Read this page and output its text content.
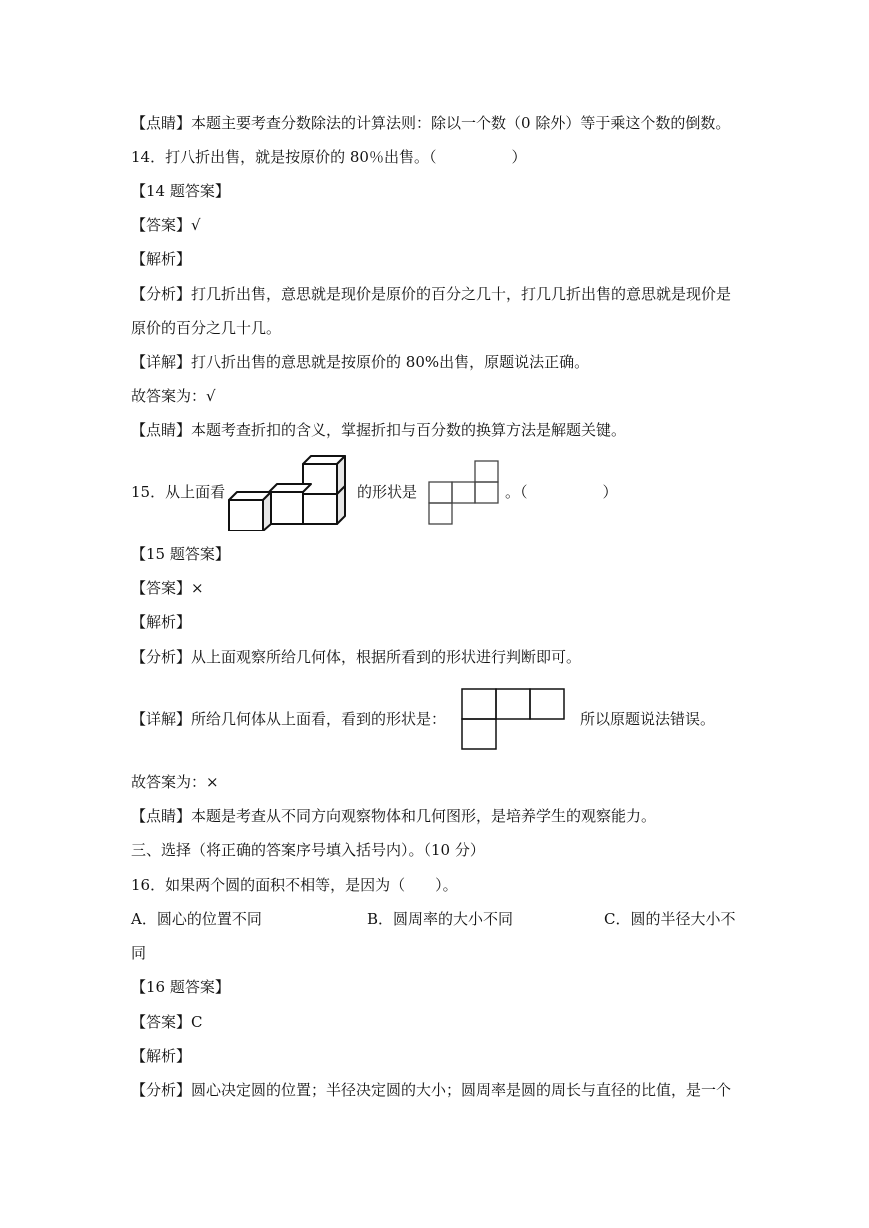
【点睛】本题主要考查分数除法的计算法则：除以一个数（0 除外）等于乘这个数的倒数。
14．打八折出售，就是按原价的 80％出售。（　　　　　）
【14 题答案】
【答案】√
【解析】
【分析】打几折出售，意思就是现价是原价的百分之几十，打几几折出售的意思就是现价是
原价的百分之几十几。
【详解】打八折出售的意思就是按原价的 80%出售，原题说法正确。
故答案为：√
【点睛】本题考查折扣的含义，掌握折扣与百分数的换算方法是解题关键。
15．从上面看	的形状是	。（　　　　　）
【15 题答案】
【答案】×
【解析】
【分析】从上面观察所给几何体，根据所看到的形状进行判断即可。
【详解】所给几何体从上面看，看到的形状是：	所以原题说法错误。
故答案为：×
【点睛】本题是考查从不同方向观察物体和几何图形，是培养学生的观察能力。
三、选择（将正确的答案序号填入括号内）。（10 分）
16．如果两个圆的面积不相等，是因为（　　）。
A．圆心的位置不同	B．圆周率的大小不同	C．圆的半径大小不
同
【16 题答案】
【答案】C
【解析】
【分析】圆心决定圆的位置；半径决定圆的大小；圆周率是圆的周长与直径的比值，是一个
